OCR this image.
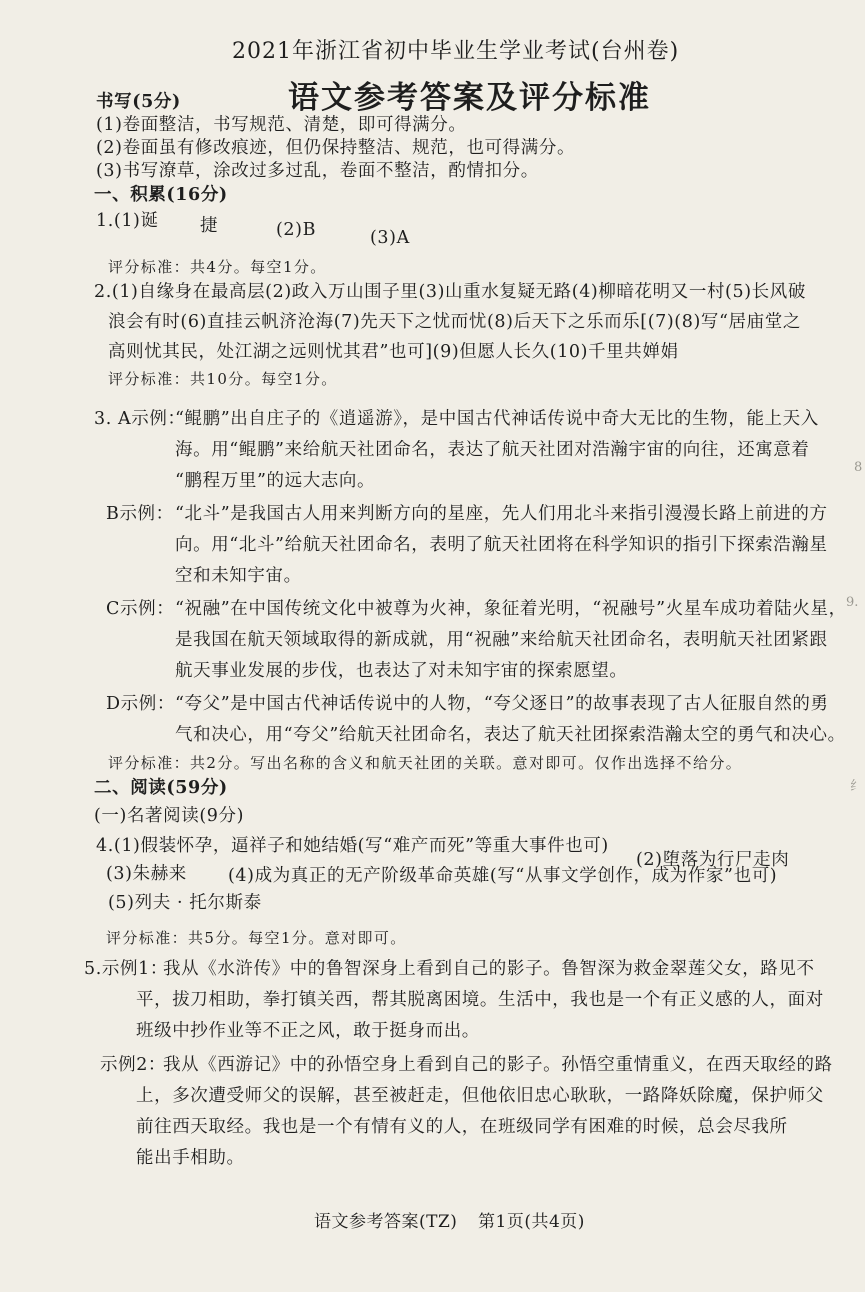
2021年浙江省初中毕业生学业考试(台州卷)
语文参考答案及评分标准
书写(5分)
(1)卷面整洁，书写规范、清楚，即可得满分。
(2)卷面虽有修改痕迹，但仍保持整洁、规范，也可得满分。
(3)书写潦草，涂改过多过乱，卷面不整洁，酌情扣分。
一、积累(16分)
1.(1)诞 捷	(2)B	(3)A
评分标准：共4分。每空1分。
2.(1)自缘身在最高层(2)政入万山围子里(3)山重水复疑无路(4)柳暗花明又一村(5)长风破
浪会有时(6)直挂云帆济沧海(7)先天下之忧而忧(8)后天下之乐而乐[(7)(8)写“居庙堂之
高则忧其民，处江湖之远则忧其君”也可](9)但愿人长久(10)千里共婵娟
评分标准：共10分。每空1分。
3. A示例：
“鲲鹏”出自庄子的《逍遥游》，是中国古代神话传说中奇大无比的生物，能上天入
海。用“鲲鹏”来给航天社团命名，表达了航天社团对浩瀚宇宙的向往，还寓意着
“鹏程万里”的远大志向。
B示例： “北斗”是我国古人用来判断方向的星座，先人们用北斗来指引漫漫长路上前进的方
向。用“北斗”给航天社团命名，表明了航天社团将在科学知识的指引下探索浩瀚星
空和未知宇宙。
C示例： “祝融”在中国传统文化中被尊为火神，象征着光明，“祝融号”火星车成功着陆火星，
是我国在航天领域取得的新成就，用“祝融”来给航天社团命名，表明航天社团紧跟
航天事业发展的步伐，也表达了对未知宇宙的探索愿望。
D示例： “夸父”是中国古代神话传说中的人物，“夸父逐日”的故事表现了古人征服自然的勇
气和决心，用“夸父”给航天社团命名，表达了航天社团探索浩瀚太空的勇气和决心。
评分标准：共2分。写出名称的含义和航天社团的关联。意对即可。仅作出选择不给分。
二、阅读(59分)
(一)名著阅读(9分)
4.(1)假装怀孕，逼祥子和她结婚(写“难产而死”等重大事件也可)
(2)堕落为行尸走肉
(3)朱赫来 (4)成为真正的无产阶级革命英雄(写“从事文学创作，成为作家”也可)
(5)列夫 · 托尔斯泰
评分标准：共5分。每空1分。意对即可。
5.示例1：
我从《水浒传》中的鲁智深身上看到自己的影子。鲁智深为救金翠莲父女，路见不
平，拔刀相助，拳打镇关西，帮其脱离困境。生活中，我也是一个有正义感的人，面对
班级中抄作业等不正之风，敢于挺身而出。
示例2：
我从《西游记》中的孙悟空身上看到自己的影子。孙悟空重情重义，在西天取经的路
上，多次遭受师父的误解，甚至被赶走，但他依旧忠心耿耿，一路降妖除魔，保护师父
前往西天取经。我也是一个有情有义的人，在班级同学有困难的时候，总会尽我所
能出手相助。
语文参考答案(TZ) 第1页(共4页)
8
9.
纟
